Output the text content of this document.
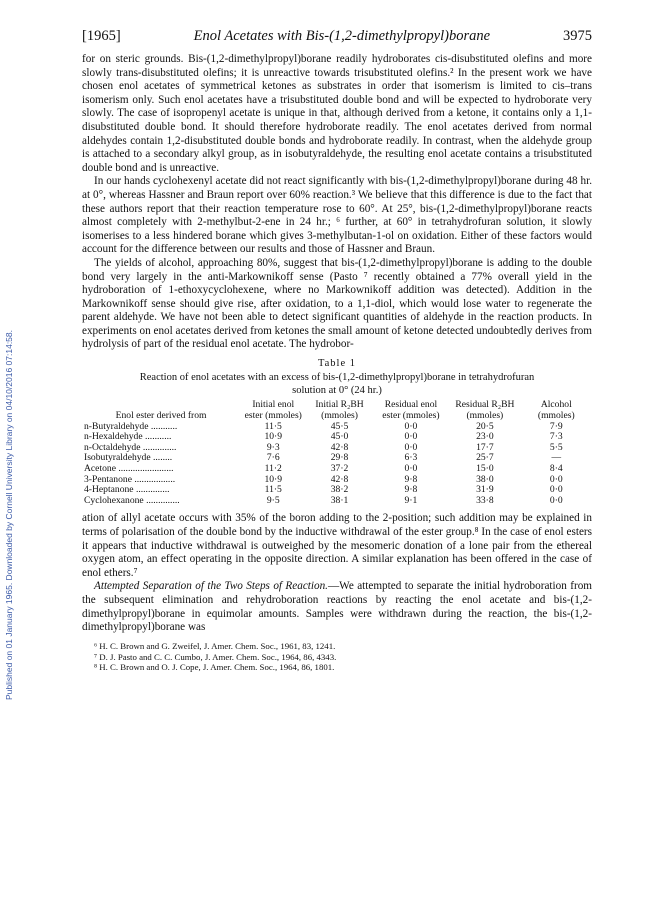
Published on 01 January 1965. Downloaded by Cornell University Library on 04/10/2016 07:14:58.
[1965]	Enol Acetates with Bis-(1,2-dimethylpropyl)borane	3975

for on steric grounds. Bis-(1,2-dimethylpropyl)borane readily hydroborates cis-disubstituted olefins and more slowly trans-disubstituted olefins; it is unreactive towards trisubstituted olefins.² In the present work we have chosen enol acetates of symmetrical ketones as substrates in order that isomerism is limited to cis–trans isomerism only. Such enol acetates have a trisubstituted double bond and will be expected to hydroborate very slowly. The case of isopropenyl acetate is unique in that, although derived from a ketone, it contains only a 1,1-disubstituted double bond. It should therefore hydroborate readily. The enol acetates derived from normal aldehydes contain 1,2-disubstituted double bonds and hydroborate readily. In contrast, when the aldehyde group is attached to a secondary alkyl group, as in isobutyraldehyde, the resulting enol acetate contains a trisubstituted double bond and is unreactive.

In our hands cyclohexenyl acetate did not react significantly with bis-(1,2-dimethylpropyl)borane during 48 hr. at 0°, whereas Hassner and Braun report over 60% reaction.³ We believe that this difference is due to the fact that these authors report that their reaction temperature rose to 60°. At 25°, bis-(1,2-dimethylpropyl)borane reacts almost completely with 2-methylbut-2-ene in 24 hr.; ⁶ further, at 60° in tetrahydrofuran solution, it slowly isomerises to a less hindered borane which gives 3-methylbutan-1-ol on oxidation. Either of these factors would account for the difference between our results and those of Hassner and Braun.

The yields of alcohol, approaching 80%, suggest that bis-(1,2-dimethylpropyl)borane is adding to the double bond very largely in the anti-Markownikoff sense (Pasto ⁷ recently obtained a 77% overall yield in the hydroboration of 1-ethoxycyclohexene, where no Markownikoff addition was detected). Addition in the Markownikoff sense should give rise, after oxidation, to a 1,1-diol, which would lose water to regenerate the parent aldehyde. We have not been able to detect significant quantities of aldehyde in the reaction products. In experiments on enol acetates derived from ketones the small amount of ketone detected undoubtedly derives from hydrolysis of part of the residual enol acetate. The hydrobor-

Table 1
Reaction of enol acetates with an excess of bis-(1,2-dimethylpropyl)borane in tetrahydrofuran solution at 0° (24 hr.)
Enol ester derived from	Initial enol ester (mmoles)	Initial R₂BH (mmoles)	Residual enol ester (mmoles)	Residual R₂BH (mmoles)	Alcohol (mmoles)
n-Butyraldehyde ...........	11·5	45·5	0·0	20·5	7·9
n-Hexaldehyde ...........	10·9	45·0	0·0	23·0	7·3
n-Octaldehyde ..............	9·3	42·8	0·0	17·7	5·5
Isobutyraldehyde ........	7·6	29·8	6·3	25·7	—
Acetone .......................	11·2	37·2	0·0	15·0	8·4
3-Pentanone .................	10·9	42·8	9·8	38·0	0·0
4-Heptanone ..............	11·5	38·2	9·8	31·9	0·0
Cyclohexanone ..............	9·5	38·1	9·1	33·8	0·0

ation of allyl acetate occurs with 35% of the boron adding to the 2-position; such addition may be explained in terms of polarisation of the double bond by the inductive withdrawal of the ester group.⁸ In the case of enol esters it appears that inductive withdrawal is outweighed by the mesomeric donation of a lone pair from the ethereal oxygen atom, an effect operating in the opposite direction. A similar explanation has been offered in the case of enol ethers.⁷

Attempted Separation of the Two Steps of Reaction.—We attempted to separate the initial hydroboration from the subsequent elimination and rehydroboration reactions by reacting the enol acetate and bis-(1,2-dimethylpropyl)borane in equimolar amounts. Samples were withdrawn during the reaction, the bis-(1,2-dimethylpropyl)borane was

⁶ H. C. Brown and G. Zweifel, J. Amer. Chem. Soc., 1961, 83, 1241.
⁷ D. J. Pasto and C. C. Cumbo, J. Amer. Chem. Soc., 1964, 86, 4343.
⁸ H. C. Brown and O. J. Cope, J. Amer. Chem. Soc., 1964, 86, 1801.
